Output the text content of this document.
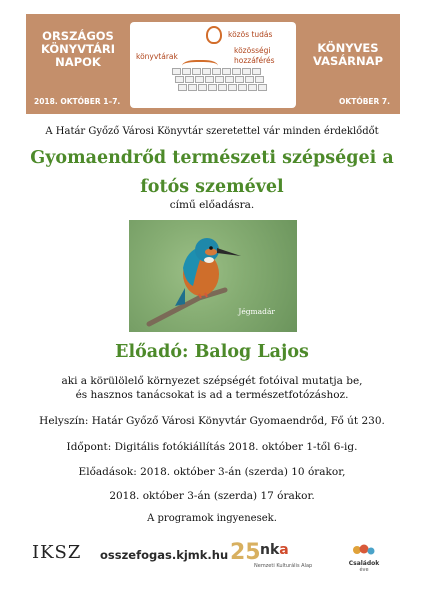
ORSZÁGOS
KÖNYVTÁRI
NAPOK
2018. OKTÓBER 1–7.
közös tudás
könyvtárak
közösségi
hozzáférés
KÖNYVES
VASÁRNAP
OKTÓBER 7.
A Határ Győző Városi Könyvtár szeretettel vár minden érdeklődőt
Gyomaendrőd természeti szépségei a
fotós szemével
című előadásra.
Jégmadár
Előadó: Balog Lajos
aki a körülölelő környezet szépségét fotóival mutatja be,
és hasznos tanácsokat is ad a természetfotózáshoz.
Helyszín: Határ Győző Városi Könyvtár Gyomaendrőd, Fő út 230.
Időpont: Digitális fotókiállítás 2018. október 1-től 6-ig.
Előadások: 2018. október 3-án (szerda) 10 órakor,
2018. október 3-án (szerda) 17 órakor.
A programok ingyenesek.
IKSZ osszefogas.kjmk.hu 25 nka
Nemzeti Kulturális Alap	Családok
éve
